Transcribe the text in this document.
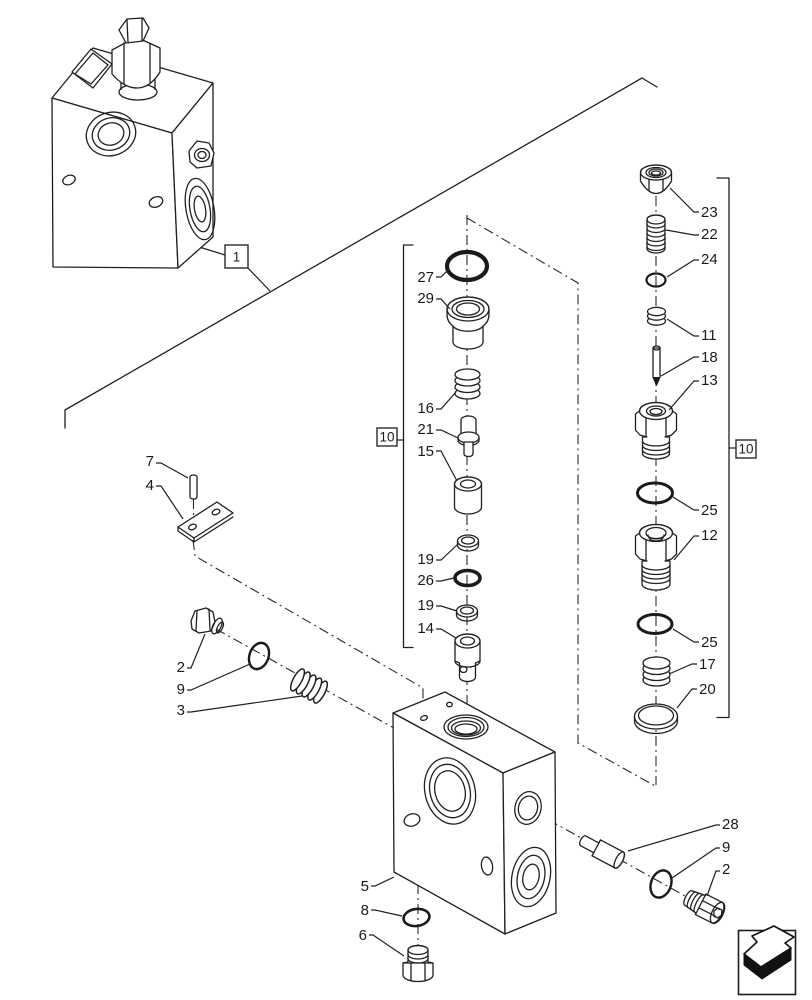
1
10
10
27
29
16
21
15
19
26
19
14
23
22
24
11
18
13
25
12
25
17
20
7
4
2
9
3
5
8
6
28
9
2
